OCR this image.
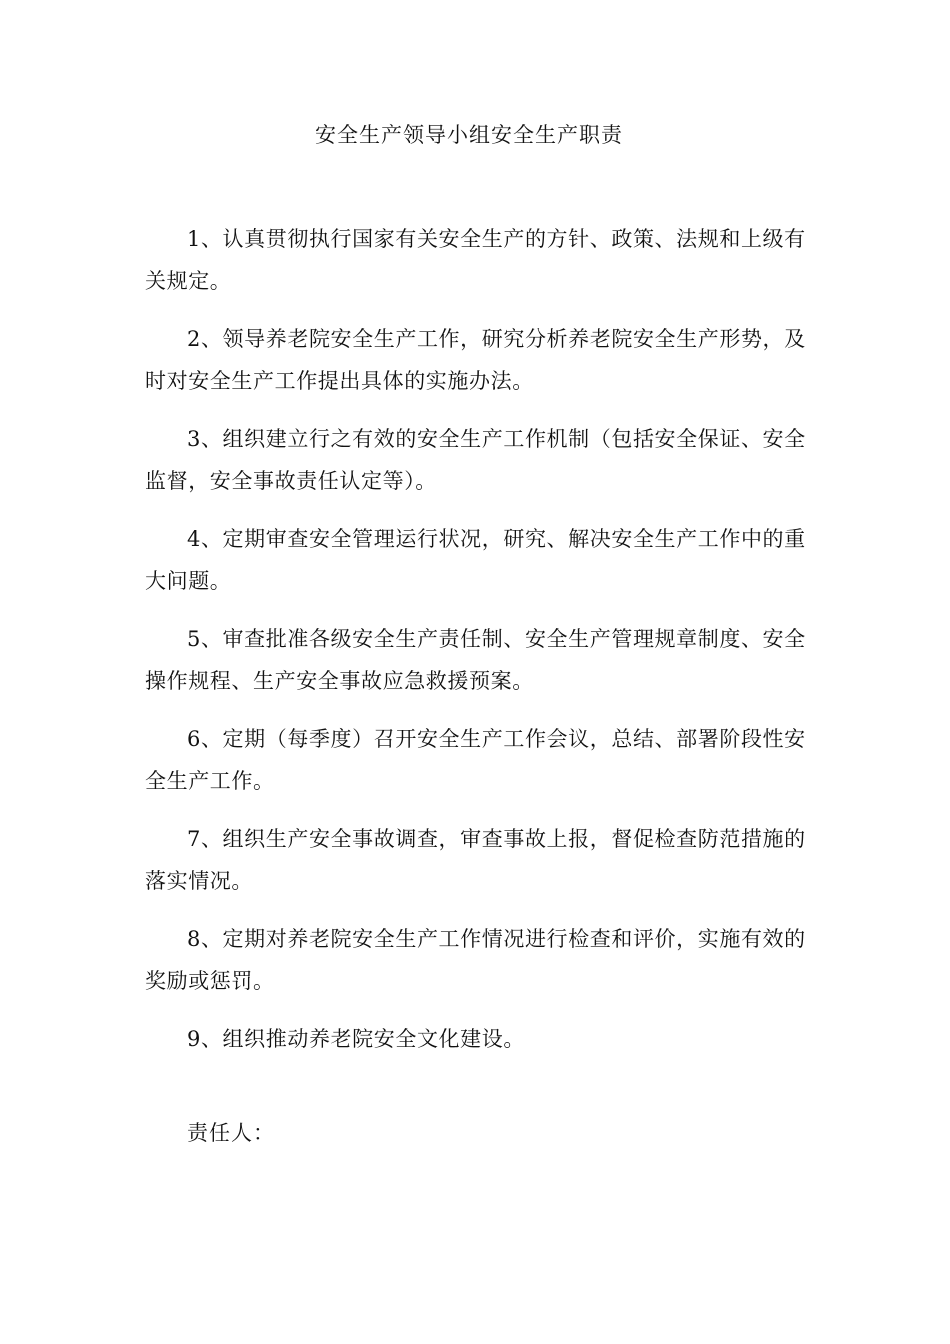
安全生产领导小组安全生产职责
1、认真贯彻执行国家有关安全生产的方针、政策、法规和上级有关规定。
2、领导养老院安全生产工作，研究分析养老院安全生产形势，及时对安全生产工作提出具体的实施办法。
3、组织建立行之有效的安全生产工作机制（包括安全保证、安全监督，安全事故责任认定等）。
4、定期审查安全管理运行状况，研究、解决安全生产工作中的重大问题。
5、审查批准各级安全生产责任制、安全生产管理规章制度、安全操作规程、生产安全事故应急救援预案。
6、定期（每季度）召开安全生产工作会议，总结、部署阶段性安全生产工作。
7、组织生产安全事故调查，审查事故上报，督促检查防范措施的落实情况。
8、定期对养老院安全生产工作情况进行检查和评价，实施有效的奖励或惩罚。
9、组织推动养老院安全文化建设。
责任人：
